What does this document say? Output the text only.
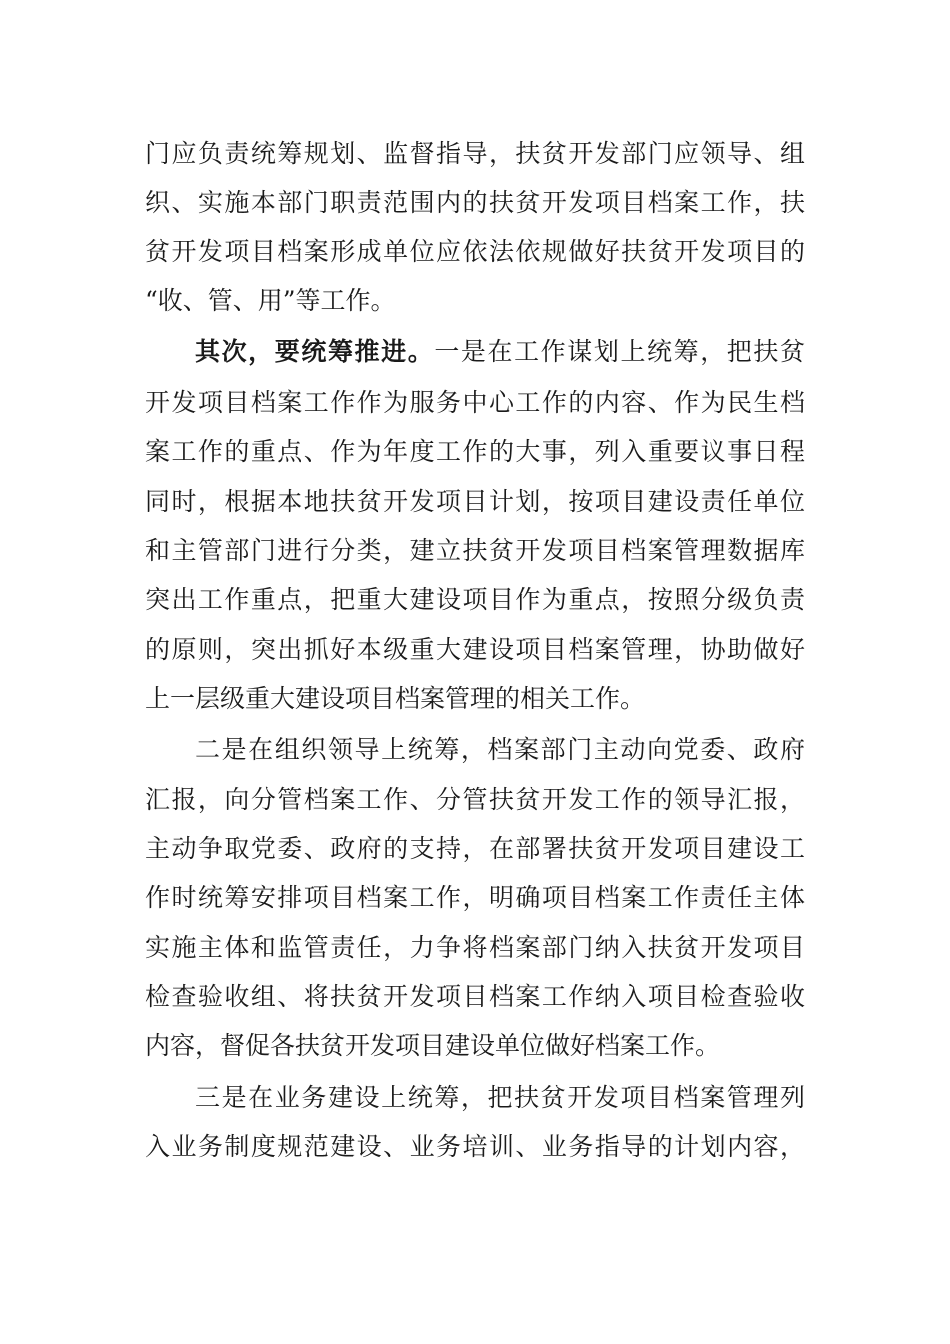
门应负责统筹规划、监督指导，扶贫开发部门应领导、组
织、实施本部门职责范围内的扶贫开发项目档案工作，扶
贫开发项目档案形成单位应依法依规做好扶贫开发项目的
“收、管、用”等工作。
其次，要统筹推进。一是在工作谋划上统筹，把扶贫
开发项目档案工作作为服务中心工作的内容、作为民生档
案工作的重点、作为年度工作的大事，列入重要议事日程
同时，根据本地扶贫开发项目计划，按项目建设责任单位
和主管部门进行分类，建立扶贫开发项目档案管理数据库
突出工作重点，把重大建设项目作为重点，按照分级负责
的原则，突出抓好本级重大建设项目档案管理，协助做好
上一层级重大建设项目档案管理的相关工作。
二是在组织领导上统筹，档案部门主动向党委、政府
汇报，向分管档案工作、分管扶贫开发工作的领导汇报，
主动争取党委、政府的支持，在部署扶贫开发项目建设工
作时统筹安排项目档案工作，明确项目档案工作责任主体
实施主体和监管责任，力争将档案部门纳入扶贫开发项目
检查验收组、将扶贫开发项目档案工作纳入项目检查验收
内容，督促各扶贫开发项目建设单位做好档案工作。
三是在业务建设上统筹，把扶贫开发项目档案管理列
入业务制度规范建设、业务培训、业务指导的计划内容，
